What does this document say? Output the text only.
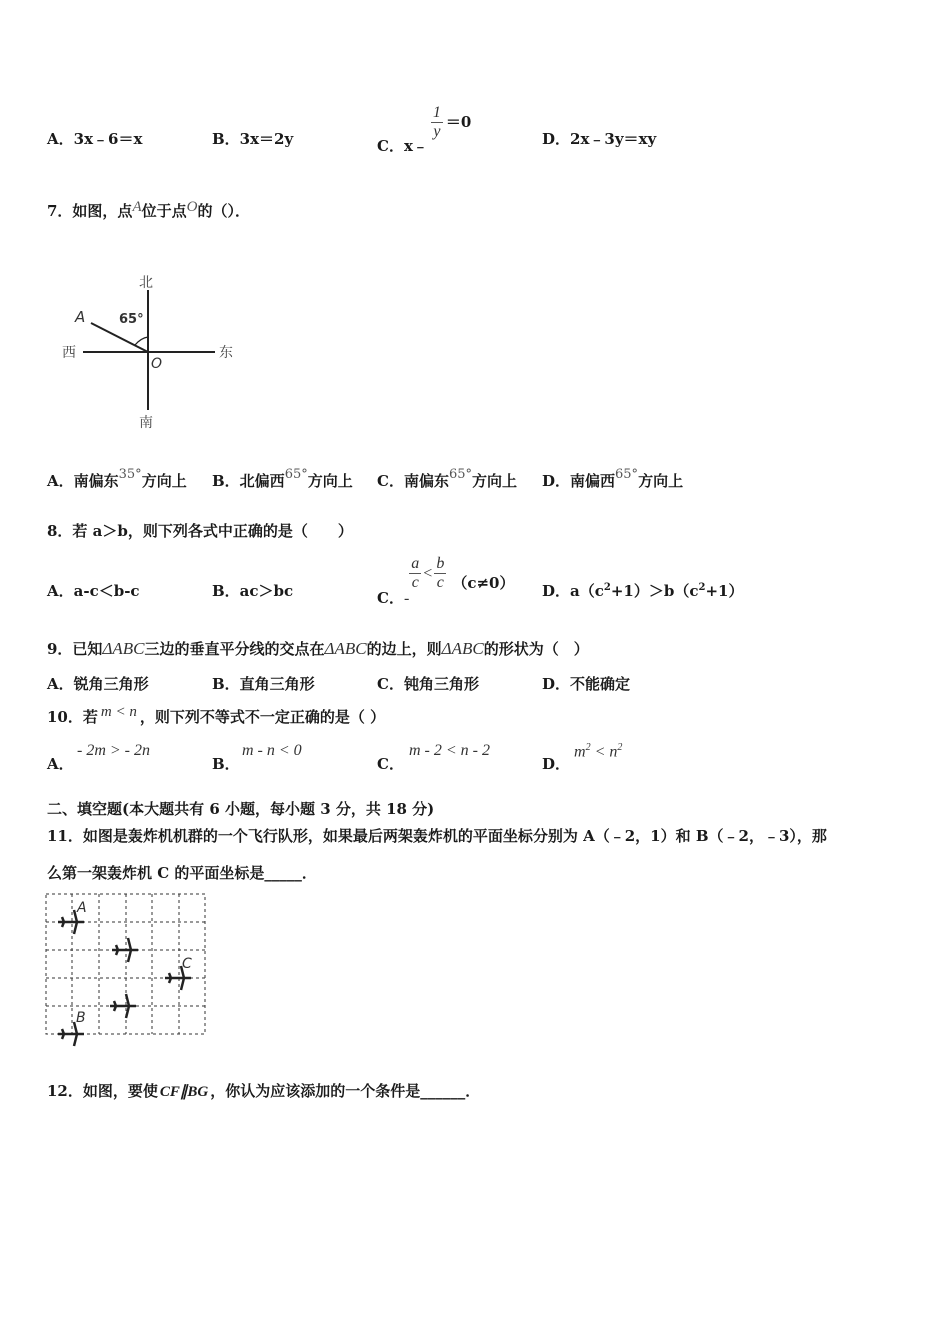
A．3x﹣6＝x	B．3x＝2y	C．x﹣
$\frac{1}{y} =0$
D．2x﹣3y＝xy
7．如图，点A位于点O的（）．
北
南
东
西
A
O
65°
A．南偏东35°方向上 B．北偏西65°方向上 C．南偏东65°方向上 D．南偏西65°方向上
8．若 a＞b，则下列各式中正确的是（　　）
A．a-c＜b-c	B．ac＞bc	C．-
$\frac{a}{c} < \frac{b}{c} (c\ne 0)$ D．$a(c^2+1)>b(c^2+1)$
9．已知ΔABC三边的垂直平分线的交点在ΔABC的边上，则ΔABC的形状为（　）
A．锐角三角形	B．直角三角形	C．钝角三角形	D．不能确定
10．若 m < n ，则下列不等式不一定正确的是（ ）
A．
- 2m > - 2n
B．
m - n < 0
C．
m - 2 < n - 2
D．
$m^2 < n^2$
二、填空题(本大题共有 6 小题，每小题 3 分，共 18 分)
11．如图是轰炸机机群的一个飞行队形，如果最后两架轰炸机的平面坐标分别为 A（﹣2，1）和 B（﹣2，﹣3），那
么第一架轰炸机 C 的平面坐标是_____．
A
C
B
12．如图，要使 CF∥BG ，你认为应该添加的一个条件是______．
